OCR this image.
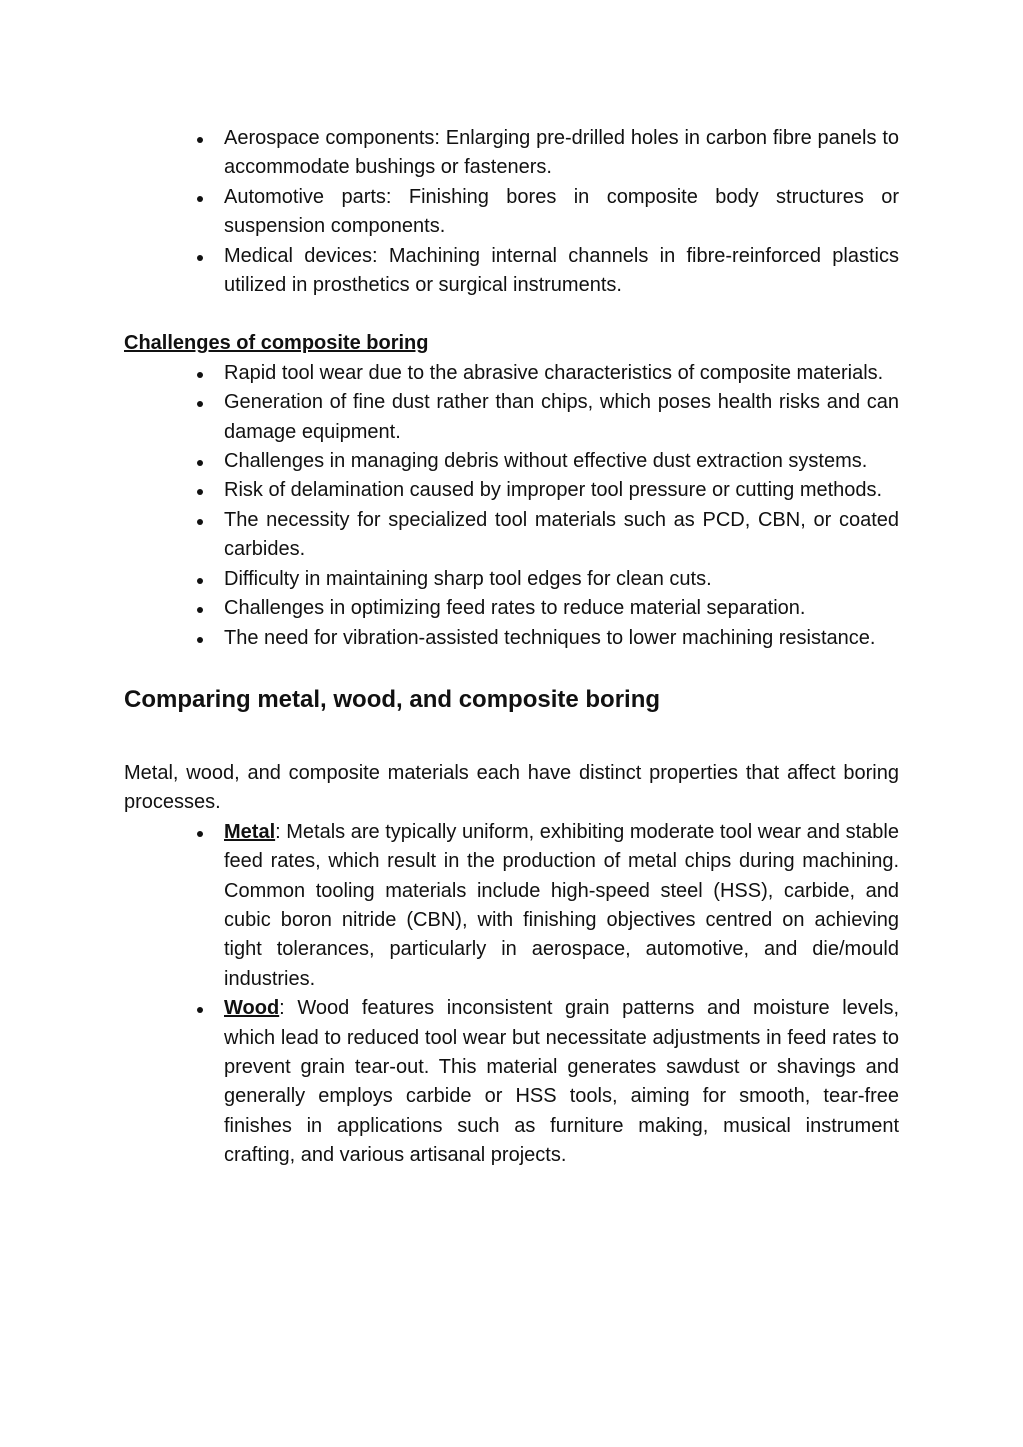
Aerospace components: Enlarging pre-drilled holes in carbon fibre panels to accommodate bushings or fasteners.
Automotive parts: Finishing bores in composite body structures or suspension components.
Medical devices: Machining internal channels in fibre-reinforced plastics utilized in prosthetics or surgical instruments.

Challenges of composite boring

Rapid tool wear due to the abrasive characteristics of composite materials.
Generation of fine dust rather than chips, which poses health risks and can damage equipment.
Challenges in managing debris without effective dust extraction systems.
Risk of delamination caused by improper tool pressure or cutting methods.
The necessity for specialized tool materials such as PCD, CBN, or coated carbides.
Difficulty in maintaining sharp tool edges for clean cuts.
Challenges in optimizing feed rates to reduce material separation.
The need for vibration-assisted techniques to lower machining resistance.
Comparing metal, wood, and composite boring

Metal, wood, and composite materials each have distinct properties that affect boring processes.

Metal: Metals are typically uniform, exhibiting moderate tool wear and stable feed rates, which result in the production of metal chips during machining. Common tooling materials include high-speed steel (HSS), carbide, and cubic boron nitride (CBN), with finishing objectives centred on achieving tight tolerances, particularly in aerospace, automotive, and die/mould industries.
Wood: Wood features inconsistent grain patterns and moisture levels, which lead to reduced tool wear but necessitate adjustments in feed rates to prevent grain tear-out. This material generates sawdust or shavings and generally employs carbide or HSS tools, aiming for smooth, tear-free finishes in applications such as furniture making, musical instrument crafting, and various artisanal projects.
